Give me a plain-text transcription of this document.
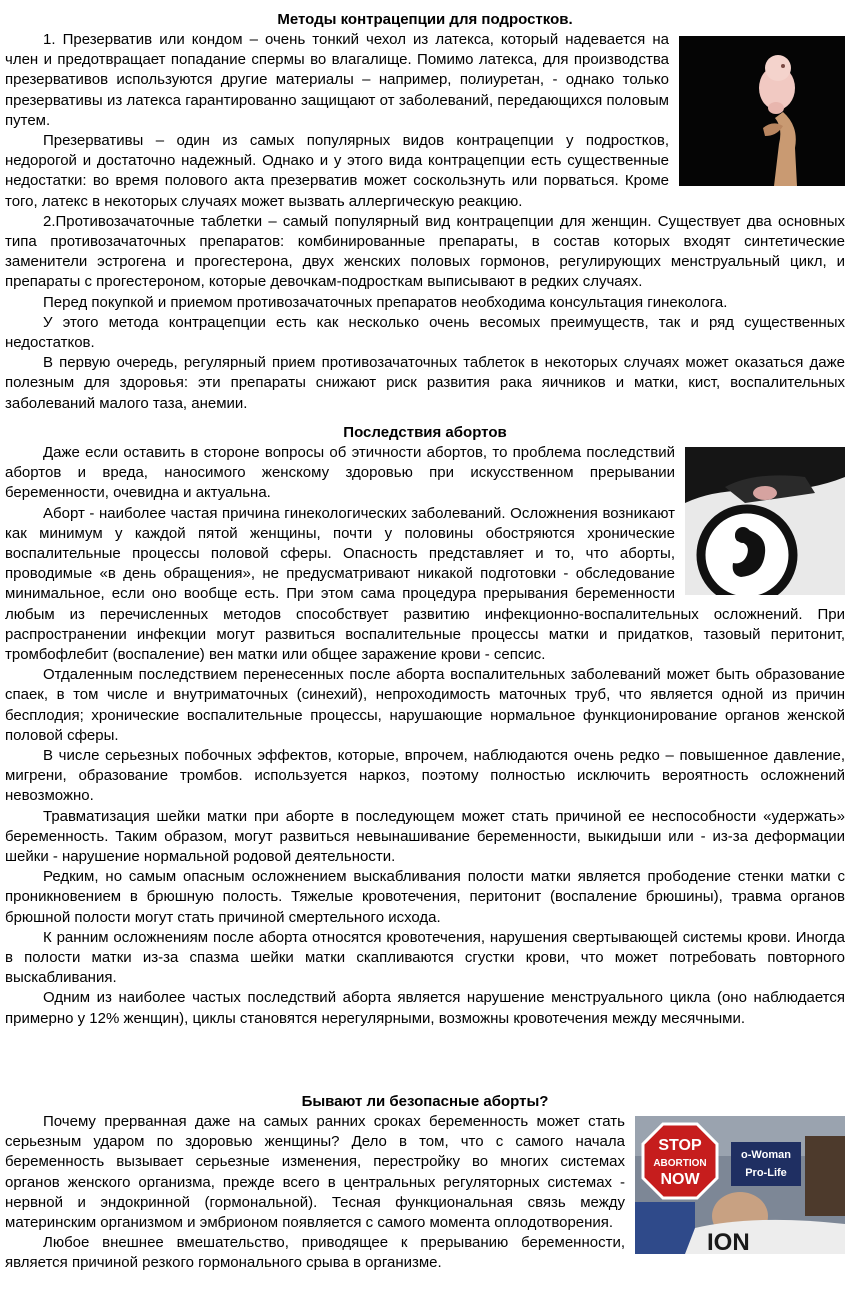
Методы контрацепции для подростков.

1. Презерватив или кондом – очень тонкий чехол из латекса, который надевается на член и предотвращает попадание спермы во влагалище. Помимо латекса, для производства презервативов используются другие материалы – например, полиуретан, - однако только презервативы из латекса гарантированно защищают от заболеваний, передающихся половым путем.

Презервативы – один из самых популярных видов контрацепции у подростков, недорогой и достаточно надежный. Однако и у этого вида контрацепции есть существенные недостатки: во время полового акта презерватив может соскользнуть или порваться. Кроме того, латекс в некоторых случаях может вызвать аллергическую реакцию.

2.Противозачаточные таблетки – самый популярный вид контрацепции для женщин. Существует два основных типа противозачаточных препаратов: комбинированные препараты, в состав которых входят синтетические заменители эстрогена и прогестерона, двух женских половых гормонов, регулирующих менструальный цикл, и препараты с прогестероном, которые девочкам-подросткам выписывают в редких случаях.

Перед покупкой и приемом противозачаточных препаратов необходима консультация гинеколога.

У этого метода контрацепции есть как несколько очень весомых преимуществ, так и ряд существенных недостатков.

В первую очередь, регулярный прием противозачаточных таблеток в некоторых случаях может оказаться даже полезным для здоровья: эти препараты снижают риск развития рака яичников и матки, кист, воспалительных заболеваний малого таза, анемии.

Последствия абортов

Даже если оставить в стороне вопросы об этичности абортов, то проблема последствий абортов и вреда, наносимого женскому здоровью при искусственном прерывании беременности, очевидна и актуальна.

Аборт - наиболее частая причина гинекологических заболеваний. Осложнения возникают как минимум у каждой пятой женщины, почти у половины обостряются хронические воспалительные процессы половой сферы. Опасность представляет и то, что аборты, проводимые «в день обращения», не предусматривают никакой подготовки - обследование минимальное, если оно вообще есть. При этом сама процедура прерывания беременности любым из перечисленных методов способствует развитию инфекционно-воспалительных осложнений. При распространении инфекции могут развиться воспалительные процессы матки и придатков, тазовый перитонит, тромбофлебит (воспаление) вен матки или общее заражение крови - сепсис.

Отдаленным последствием перенесенных после аборта воспалительных заболеваний может быть образование спаек, в том числе и внутриматочных (синехий), непроходимость маточных труб, что является одной из причин бесплодия; хронические воспалительные процессы, нарушающие нормальное функционирование органов женской половой сферы.

В числе серьезных побочных эффектов, которые, впрочем, наблюдаются очень редко – повышенное давление, мигрени, образование тромбов. используется наркоз, поэтому полностью исключить вероятность осложнений невозможно.

Травматизация шейки матки при аборте в последующем может стать причиной ее неспособности «удержать» беременность. Таким образом, могут развиться невынашивание беременности, выкидыши или - из-за деформации шейки - нарушение нормальной родовой деятельности.

Редким, но самым опасным осложнением выскабливания полости матки является прободение стенки матки с проникновением в брюшную полость. Тяжелые кровотечения, перитонит (воспаление брюшины), травма органов брюшной полости могут стать причиной смертельного исхода.

К ранним осложнениям после аборта относятся кровотечения, нарушения свертывающей системы крови. Иногда в полости матки из-за спазма шейки матки скапливаются сгустки крови, что может потребовать повторного выскабливания.

Одним из наиболее частых последствий аборта является нарушение менструального цикла (оно наблюдается примерно у 12% женщин), циклы становятся нерегулярными, возможны кровотечения между месячными.

Бывают ли безопасные аборты?
STOP
ABORTION
NOW
o-Woman
Pro-Life
ION

Почему прерванная даже на самых ранних сроках беременность может стать серьезным ударом по здоровью женщины? Дело в том, что с самого начала беременность вызывает серьезные изменения, перестройку во многих системах органов женского организма, прежде всего в центральных регуляторных системах - нервной и эндокринной (гормональной). Тесная функциональная связь между материнским организмом и эмбрионом появляется с самого момента оплодотворения.

Любое внешнее вмешательство, приводящее к прерыванию беременности, является причиной резкого гормонального срыва в организме.
